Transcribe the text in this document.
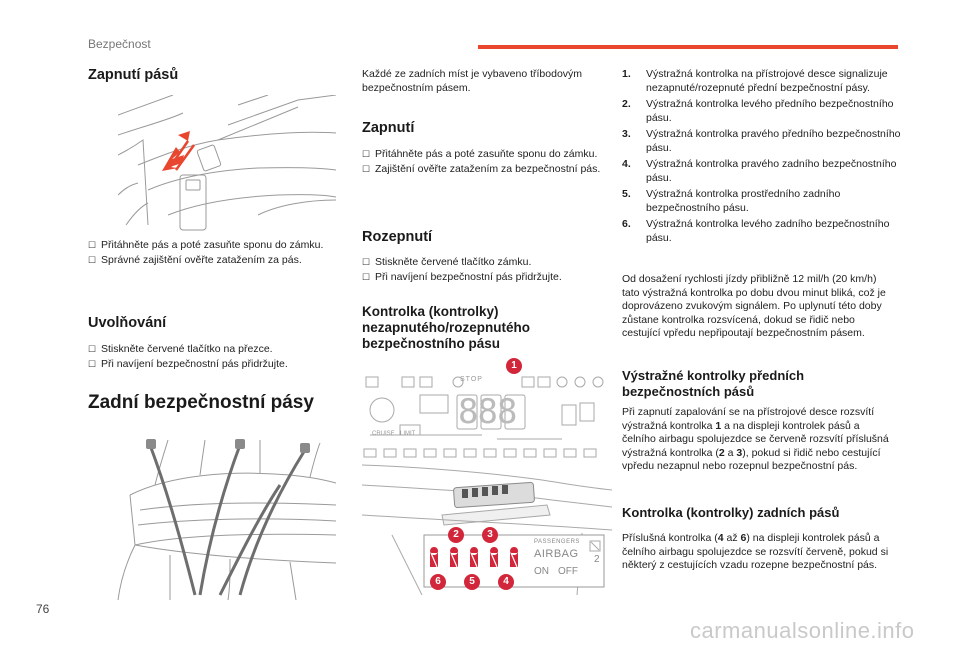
Bezpečnost
Zapnutí pásů
☐ Přitáhněte pás a poté zasuňte sponu do zámku.
☐ Správné zajištění ověřte zatažením za pás.
Uvolňování
☐ Stiskněte červené tlačítko na přezce.
☐ Při navíjení bezpečnostní pás přidržujte.
Zadní bezpečnostní pásy
76

Každé ze zadních míst je vybaveno tříbodovým bezpečnostním pásem.

Zapnutí
☐ Přitáhněte pás a poté zasuňte sponu do zámku.
☐ Zajištění ověřte zatažením za bezpečnostní pás.
Rozepnutí
☐ Stiskněte červené tlačítko zámku.
☐ Při navíjení bezpečnostní pás přidržujte.
Kontrolka (kontrolky) nezapnutého/rozepnutého bezpečnostního pásu
STOP
888
CRUISE LIMIT
PASSENGERS
AIRBAG
ON OFF
2
1
2	3
4
5
6
1.	Výstražná kontrolka na přístrojové desce signalizuje nezapnuté/rozepnuté přední bezpečnostní pásy.
2.	Výstražná kontrolka levého předního bezpečnostního pásu.
3.	Výstražná kontrolka pravého předního bezpečnostního pásu.
4.	Výstražná kontrolka pravého zadního bezpečnostního pásu.
5.	Výstražná kontrolka prostředního zadního bezpečnostního pásu.
6.	Výstražná kontrolka levého zadního bezpečnostního pásu.

Od dosažení rychlosti jízdy přibližně 12 mil/h (20 km/h) tato výstražná kontrolka po dobu dvou minut bliká, což je doprovázeno zvukovým signálem. Po uplynutí této doby zůstane kontrolka rozsvícená, dokud se řidič nebo cestující vpředu nepřipoutají bezpečnostním pásem.

Výstražné kontrolky předních bezpečnostních pásů

Při zapnutí zapalování se na přístrojové desce rozsvítí výstražná kontrolka 1 a na displeji kontrolek pásů a čelního airbagu spolujezdce se červeně rozsvítí příslušná výstražná kontrolka (2 a 3), pokud si řidič nebo cestující vpředu nezapnul nebo rozepnul bezpečnostní pás.

Kontrolka (kontrolky) zadních pásů

Příslušná kontrolka (4 až 6) na displeji kontrolek pásů a čelního airbagu spolujezdce se rozsvítí červeně, pokud si některý z cestujících vzadu rozepne bezpečnostní pás.

carmanualsonline.info
